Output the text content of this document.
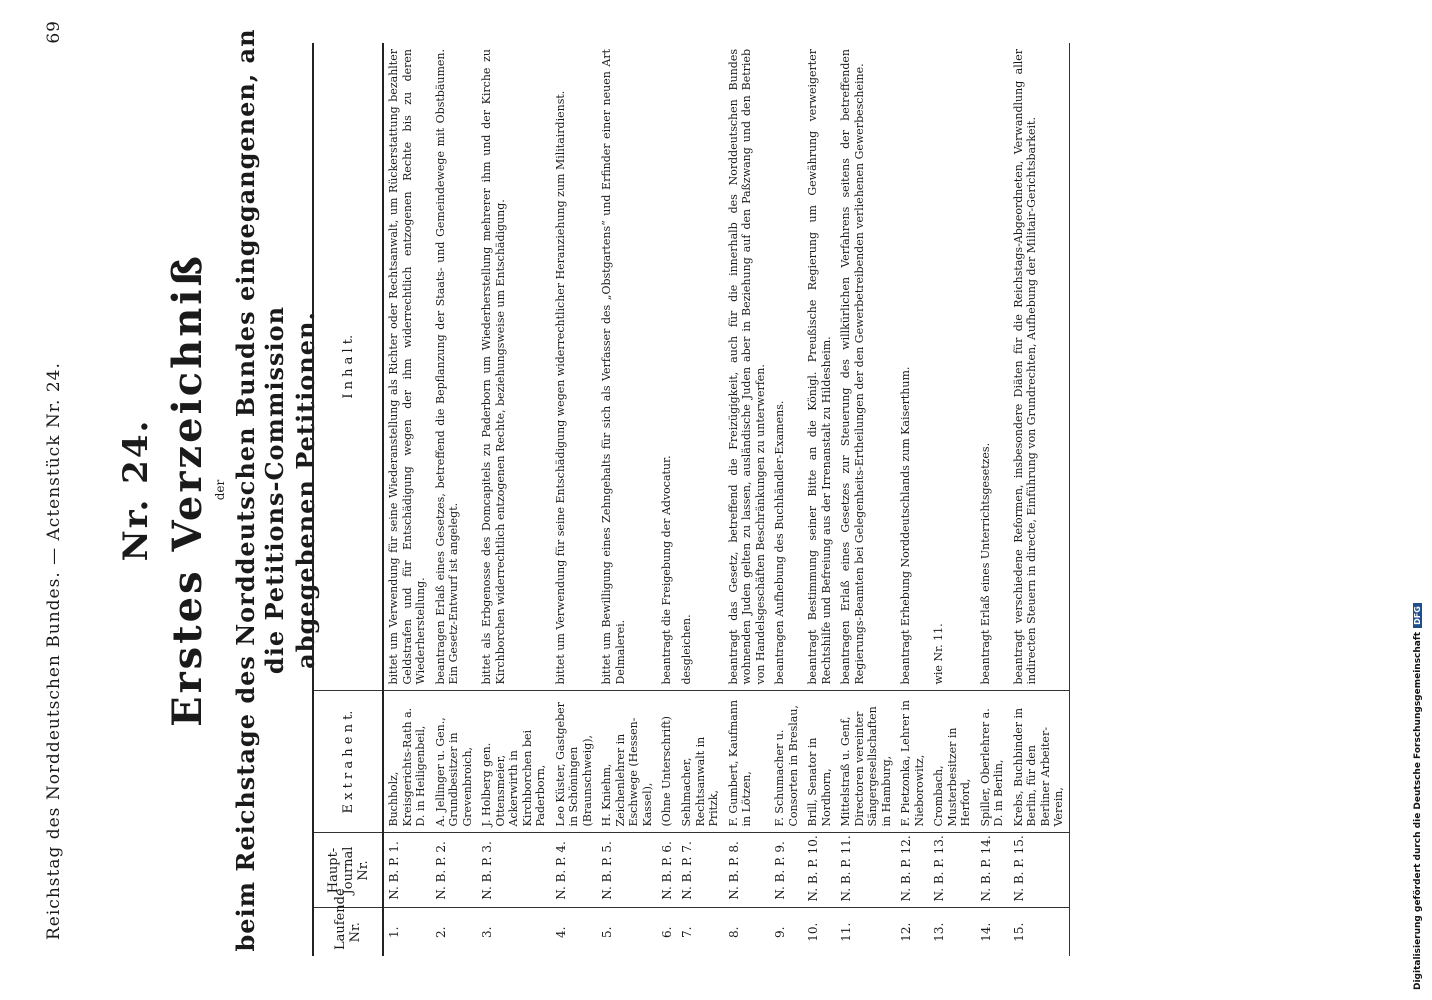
Reichstag des Norddeutschen Bundes. — Actenstück Nr. 24.
69
Nr. 24. Erstes Verzeichniß der beim Reichstage des Norddeutschen Bundes eingegangenen, an die Petitions-Commission abgegebenen Petitionen.
Laufende Nr.	Haupt-Journal Nr.	E x t r a h e n t.	I n h a l t.
1.	N. B. P. 1.	Buchholz, Kreisgerichts-Rath a. D. in Heiligenbeil,	bittet um Verwendung für seine Wiederanstellung als Richter oder Rechtsanwalt, um Rückerstattung bezahlter Geldstrafen und für Entschädigung wegen der ihm widerrechtlich entzogenen Rechte bis zu deren Wiederherstellung.
2.	N. B. P. 2.	A. Jellinger u. Gen., Grundbesitzer in Grevenbroich,	beantragen Erlaß eines Gesetzes, betreffend die Bepflanzung der Staats- und Gemeindewege mit Obstbäumen. Ein Gesetz-Entwurf ist angelegt.
3.	N. B. P. 3.	J. Holberg gen. Ottensmeier, Ackerwirth in Kirchborchen bei Paderborn,	bittet als Erbgenosse des Domcapitels zu Paderborn um Wiederherstellung mehrerer ihm und der Kirche zu Kirchborchen widerrechtlich entzogenen Rechte, beziehungsweise um Entschädigung.
4.	N. B. P. 4.	Leo Küster, Gastgeber in Schöningen (Braunschweig),	bittet um Verwendung für seine Entschädigung wegen widerrechtlicher Heranziehung zum Militairdienst.
5.	N. B. P. 5.	H. Kniehm, Zeichenlehrer in Eschwege (Hessen-Kassel),	bittet um Bewilligung eines Zehngehalts für sich als Verfasser des „Obstgartens“ und Erfinder einer neuen Art Delmalerei.
6.	N. B. P. 6.	(Ohne Unterschrift)	beantragt die Freigebung der Advocatur.
7.	N. B. P. 7.	Sehlmacher, Rechtsanwalt in Pritzk,	desgleichen.
8.	N. B. P. 8.	F. Gumbert, Kaufmann in Lötzen,	beantragt das Gesetz, betreffend die Freizügigkeit, auch für die innerhalb des Norddeutschen Bundes wohnenden Juden gelten zu lassen, ausländische Juden aber in Beziehung auf den Paßzwang und den Betrieb von Handelsgeschäften Beschränkungen zu unterwerfen.
9.	N. B. P. 9.	F. Schumacher u. Consorten in Breslau,	beantragen Aufhebung des Buchhändler-Examens.
10.	N. B. P. 10.	Brill, Senator in Nordhorn,	beantragt Bestimmung seiner Bitte an die Königl. Preußische Regierung um Gewährung verweigerter Rechtshilfe und Befreiung aus der Irrenanstalt zu Hildesheim.
11.	N. B. P. 11.	Mittelstraß u. Genf, Directoren vereinter Sängergesellschaften in Hamburg,	beantragen Erlaß eines Gesetzes zur Steuerung des willkürlichen Verfahrens seitens der betreffenden Regierungs-Beamten bei Gelegenheits-Ertheilungen der den Gewerbetreibenden verliehenen Gewerbescheine.
12.	N. B. P. 12.	F. Pietzonka, Lehrer in Nieborowitz,	beantragt Erhebung Norddeutschlands zum Kaiserthum.
13.	N. B. P. 13.	Crombach, Musterbesitzer in Herford,	wie Nr. 11.
14.	N. B. P. 14.	Spiller, Oberlehrer a. D. in Berlin,	beantragt Erlaß eines Unterrichtsgesetzes.
15.	N. B. P. 15.	Krebs, Buchbinder in Berlin, für den Berliner Arbeiter-Verein,	beantragt verschiedene Reformen, insbesondere Diäten für die Reichstags-Abgeordneten, Verwandlung aller indirecten Steuern in directe, Einführung von Grundrechten, Aufhebung der Militair-Gerichtsbarkeit.
Digitalisierung gefördert durch die Deutsche ForschungsgemeinschaftDFG
